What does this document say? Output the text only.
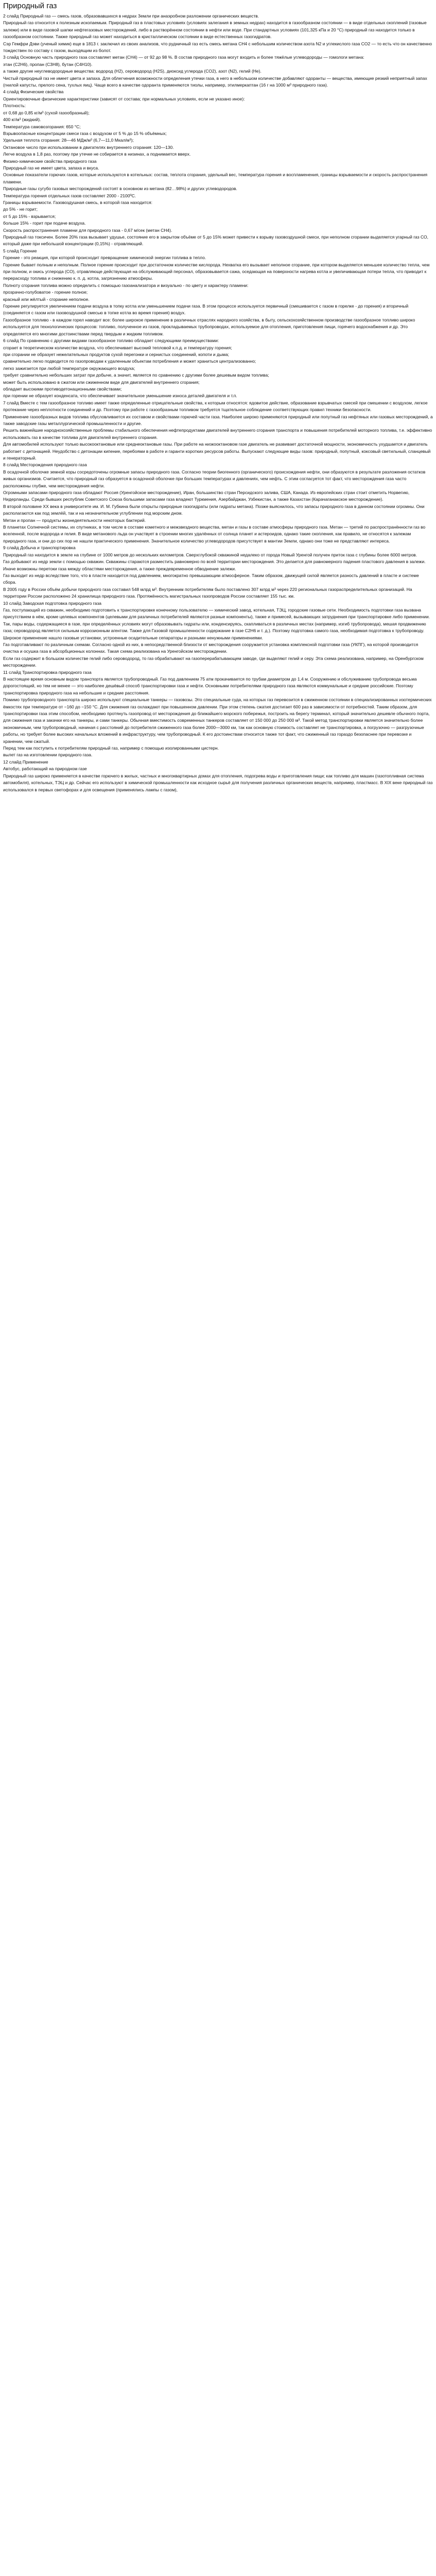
Природный газ

2 слайд Природный газ — смесь газов, образовавшихся в недрах Земли при анаэробном разложении органических веществ.

Природный газ относится к полезным ископаемым. Природный газ в пластовых условиях (условиях залегания в земных недрах) находится в газообразном состоянии — в виде отдельных скоплений (газовые залежи) или в виде газовой шапки нефтегазовых месторождений, либо в растворённом состоянии в нефти или воде. При стандартных условиях (101,325 кПа и 20 °C) природный газ находится только в газообразном состоянии. Также природный газ может находиться в кристаллическом состоянии в виде естественных газогидратов.

Сэр Гемфри Дэви (ученый химик) еще в 1813 г. заключил из своих анализов, что рудничный газ есть смесь метана CH4 с небольшим количеством азота N2 и углекислого газа CO2 — то есть что он качественно тождествен по составу с газом, выходящим из болот.

3 слайд Основную часть природного газа составляет метан (CH4) — от 92 до 98 %. В состав природного газа могут входить и более тяжёлые углеводороды — гомологи метана:

этан (C2H6), пропан (C3H8), бутан (C4H10).

а также другие неуглеводородные вещества: водород (H2), сероводород (H2S), диоксид углерода (CO2), азот (N2), гелий (He).

Чистый природный газ не имеет цвета и запаха. Для облегчения возможности определения утечки газа, в него в небольшом количестве добавляют одоранты — вещества, имеющие резкий неприятный запах (гнилой капусты, прелого сена, тухлых яиц). Чаще всего в качестве одоранта применяются тиолы, например, этилмеркаптан (16 г на 1000 м³ природного газа).

4 слайд Физические свойства

Ориентировочные физические характеристики (зависят от состава; при нормальных условиях, если не указано иное):

Плотность:

от 0,68 до 0,85 кг/м³ (сухой газообразный);

400 кг/м³ (жидкий).

Температура самовозгорания: 650 °C;

Взрывоопасные концентрации смеси газа с воздухом от 5 % до 15 % объёмных;

Удельная теплота сгорания: 28—46 МДж/м³ (6,7—11,0 Мкал/м³);

Октановое число при использовании в двигателях внутреннего сгорания: 120—130.

Легче воздуха в 1,8 раз, поэтому при утечке не собирается в низинах, а поднимается вверх.

Физико-химические свойства природного газа

Природный газ не имеет цвета, запаха и вкуса.

Основные показатели горючих газов, которые используются в котельных: состав, теплота сгорания, удельный вес, температура горения и воспламенения, границы взрываемости и скорость распространения пламени.

Природные газы сугубо газовых месторождений состоят в основном из метана (82…98%) и других углеводородов.

Температура горения отдельных газов составляет 2000 - 2100ºC.

Границы взрываемости. Газовоздушная смесь, в которой газа находится:

до 5% - не горит;

от 5 до 15% - взрывается;

больше 15% - горит при подаче воздуха.

Скорость распространения пламени для природного газа - 0,67 м/сек (метан CH4).

Природный газ токсичен. Более 20% газа вызывает удушье, состояние его в закрытом объёме от 5 до 15% может привести к взрыву газовоздушной смеси, при неполном сгорании выделяется угарный газ СО, который даже при небольшой концентрации (0,15%) - отравляющий.

5 слайд Горение

Горение - это реакция, при которой происходит превращение химической энергии топлива в тепло.

Горение бывает полным и неполным. Полное горение происходит при достаточном количестве кислорода. Нехватка его вызывает неполное сгорание, при котором выделяется меньшее количество тепла, чем при полном, и окись углерода (CO), отравляюще действующая на обслуживающий персонал, образовывается сажа, оседающая на поверхности нагрева котла и увеличивающая потери тепла, что приводит к перерасходу топлива и снижению к. п. д. котла, загрязнению атмосферы.

Полноту сгорания топлива можно определить с помощью газоанализатора и визуально - по цвету и характеру пламени:

прозрачно-голубоватое - горение полное;

красный или жёлтый - сгорание неполное.

Горение регулируется увеличением подачи воздуха в топку котла или уменьшением подачи газа. В этом процессе используется первичный (смешивается с газом в горелке - до горения) и вторичный (соединяется с газом или газовоздушной смесью в топке котла во время горения) воздух.

Газообразное топливо - в каждом горел наводит все: более широкое применение в различных отраслях народного хозяйства, в быту, сельскохозяйственном производстве газообразное топливо широко используется для технологических процессов: топливо, полученное из газов, прокладываемых трубопроводах, используемое для отопления, приготовления пищи, горячего водоснабжения и др. Это определяется его многими достоинствами перед твердым и жидким топливом.

6 слайд По сравнению с другими видами газообразное топливо обладает следующими преимуществами:

сгорает в теоретическом количестве воздуха, что обеспечивает высокий тепловой к.п.д. и температуру горения;

при сгорании не образует нежелательных продуктов сухой перегонки и сернистых соединений, копоти и дыма;

сравнительно легко подводится по газопроводам к удаленным объектам потребления и может храниться централизованно;

легко зажигается при любой температуре окружающего воздуха;

требует сравнительно небольших затрат при добыче, а значит, является по сравнению с другими более дешевым видом топлива;

может быть использовано в сжатом или сжиженном виде для двигателей внутреннего сгорания;

обладает высокими противодетонационными свойствами;

при горении не образует конденсата, что обеспечивает значительное уменьшение износа деталей двигателя и т.п.

7 слайд Вместе с тем газообразное топливо имеет также определенные отрицательные свойства, к которым относятся: ядовитое действие, образование взрывчатых смесей при смешении с воздухом, легкое протекание через неплотности соединений и др. Поэтому при работе с газообразным топливом требуется тщательное соблюдение соответствующих правил техники безопасности.

Применение газообразных видов топлива обусловливается их составом и свойствами горючей части газа. Наиболее широко применяются природный или попутный газ нефтяных или газовых месторождений, а также заводские газы металлургической промышленности и другие.

Решить важнейшие народнохозяйственные проблемы стабильного обеспечения нефтепродуктами двигателей внутреннего сгорания транспорта и повышения потребителей моторного топлива, т.е. эффективно использовать газ в качестве топлива для двигателей внутреннего сгорания.

Для автомобилей используют только высокооктановые или среднеоктановые газы. При работе на низкооктановом газе двигатель не развивает достаточной мощности, экономичность ухудшается и двигатель работает с детонацией. Неудобство с детонации кипение, перебоями в работе и гаранти коротких ресурсов работы. Выпускают следующие виды газов: природный, попутный, коксовый светильный, сланцевый и генераторный.

8 слайд Месторождения природного газа

В осадочной оболочке земной коры сосредоточены огромные запасы природного газа. Согласно теории биогенного (органического) происхождения нефти, они образуются в результате разложения остатков живых организмов. Считается, что природный газ образуется в осадочной оболочке при больших температурах и давлениях, чем нефть. С этим согласуется тот факт, что месторождения газа часто расположены глубже, чем месторождения нефти.

Огромными запасами природного газа обладают Россия (Уренгойское месторождение), Иран, большинство стран Персидского залива, США, Канада. Из европейских стран стоит отметить Норвегию, Нидерланды. Среди бывших республик Советского Союза большими запасами газа владеют Туркмения, Азербайджан, Узбекистан, а также Казахстан (Карачаганакское месторождение).

В второй половине XX века в университете им. И. М. Губкина были открыты природные газогидраты (или гидраты метана). Позже выяснилось, что запасы природного газа в данном состоянии огромны. Они располагаются как под землёй, так и на незначительном углублении под морским дном.

Метан и пропан — продукты жизнедеятельности некоторых бактерий.

В планетах Солнечной системы, их спутниках, в том числе в составе кометного и межзвездного вещества, метан и газы в составе атмосферы природного газа. Метан — третий по распространённости газ во вселенной, после водорода и гелия. В виде метанового льда он участвует в строении многих удалённых от солнца планет и астероидов, однако такие скопления, как правило, не относятся к залежам природного газа, и они до сих пор не нашли практического применения. Значительное количество углеводородов присутствует в мантии Земли, однако они тоже не представляют интереса.

9 слайд Добыча и транспортировка

Природный газ находится в земле на глубине от 1000 метров до нескольких километров. Сверхглубокой скважиной недалеко от города Новый Уренгой получен приток газа с глубины более 6000 метров.

Газ добывают из недр земли с помощью скважин. Скважины стараются разместить равномерно по всей территории месторождения. Это делается для равномерного падения пластового давления в залежи. Иначе возможны перетоки газа между областями месторождения, а также преждевременное обводнение залежи.

Газ выходит из недр вследствие того, что в пласте находится под давлением, многократно превышающим атмосферное. Таким образом, движущей силой является разность давлений в пласте и системе сбора.

В 2005 году в России объём добычи природного газа составил 548 млрд м³. Внутренним потребителям было поставлено 307 млрд м³ через 220 региональных газораспределительных организаций. На территории России расположено 24 хранилища природного газа. Протяжённость магистральных газопроводов России составляет 155 тыс. км.

10 слайд Заводская подготовка природного газа

Газ, поступающий из скважин, необходимо подготовить к транспортировке конечному пользователю — химический завод, котельная, ТЭЦ, городские газовые сети. Необходимость подготовки газа вызвана присутствием в нём, кроме целевых компонентов (целевыми для различных потребителей являются разные компоненты), также и примесей, вызывающих затруднения при транспортировке либо применении. Так, пары воды, содержащиеся в газе, при определённых условиях могут образовывать гидраты или, конденсируясь, скапливаться в различных местах (например, изгиб трубопровода), мешая продвижению газа; сероводород является сильным коррозионным агентом. Также для Газовой промышленности содержание в газе C2H6 и т. д.). Поэтому подготовка самого газа, необходимая подготовка к трубопроводу. Широкое применение нашло газовые установки, устроенные осадительные сепараторы и разными ненужными применениями.

Газ подготавливают по различным схемам. Согласно одной из них, в непосредственной близости от месторождения сооружается установка комплексной подготовки газа (УКПГ), на которой производится очистка и осушка газа в абсорбционных колоннах. Такая схема реализована на Уренгойском месторождении.

Если газ содержит в большом количестве гелий либо сероводород, то газ обрабатывают на газоперерабатывающем заводе, где выделяют гелий и серу. Эта схема реализована, например, на Оренбургском месторождении.

11 слайд Транспортировка природного газа

В настоящее время основным видом транспорта является трубопроводный. Газ под давлением 75 атм прокачивается по трубам диаметром до 1,4 м. Сооружению и обслуживанию трубопровода весьма дорогостоящий, но тем не менее — это наиболее дешёвый способ транспортировки газа и нефти. Основными потребителями природного газа являются коммунальные и средние российские. Поэтому транспортировка природного газа на небольшие и средние расстояния.

Помимо трубопроводного транспорта широко используют специальные танкеры — газовозы. Это специальные суда, на которых газ перевозится в сжиженном состоянии в специализированных изотермических ёмкостях при температуре от −160 до −150 °C. Для сжижения газ охлаждают при повышенном давлении. При этом степень сжатия достигает 600 раз в зависимости от потребностей. Таким образом, для транспортировки газа этим способом, необходимо протянуть газопровод от месторождения до ближайшего морского побережья, построить на берегу терминал, который значительно дешевле обычного порта, для сжижения газа и закачки его на танкеры, и сами танкеры. Обычная вместимость современных танкеров составляет от 150 000 до 250 000 м³. Такой метод транспортировки является значительно более экономичным, чем трубопроводный, начиная с расстояний до потребителя сжиженного газа более 2000—3000 км, так как основную стоимость составляет не транспортировка, а погрузочно — разгрузочные работы, но требует более высоких начальных вложений в инфраструктуру, чем трубопроводный. К его достоинствам относится также тот факт, что сжиженный газ гораздо безопаснее при перевозке и хранении, чем сжатый.

Перед тем как поступить к потребителям природный газ, например с помощью изолированными цистерн.

вылет газ на изготовлении природного газа.

12 слайд Применение

Автобус, работающий на природном газе

Природный газ широко применяется в качестве горючего в жилых, частных и многоквартирных домах для отопления, подогрева воды и приготовления пищи; как топливо для машин (газотопливная система автомобиля), котельных, ТЭЦ и др. Сейчас его используют в химической промышленности как исходное сырьё для получения различных органических веществ, например, пластмасс. В XIX веке природный газ использовался в первых светофорах и для освещения (применялись лампы с газом),
